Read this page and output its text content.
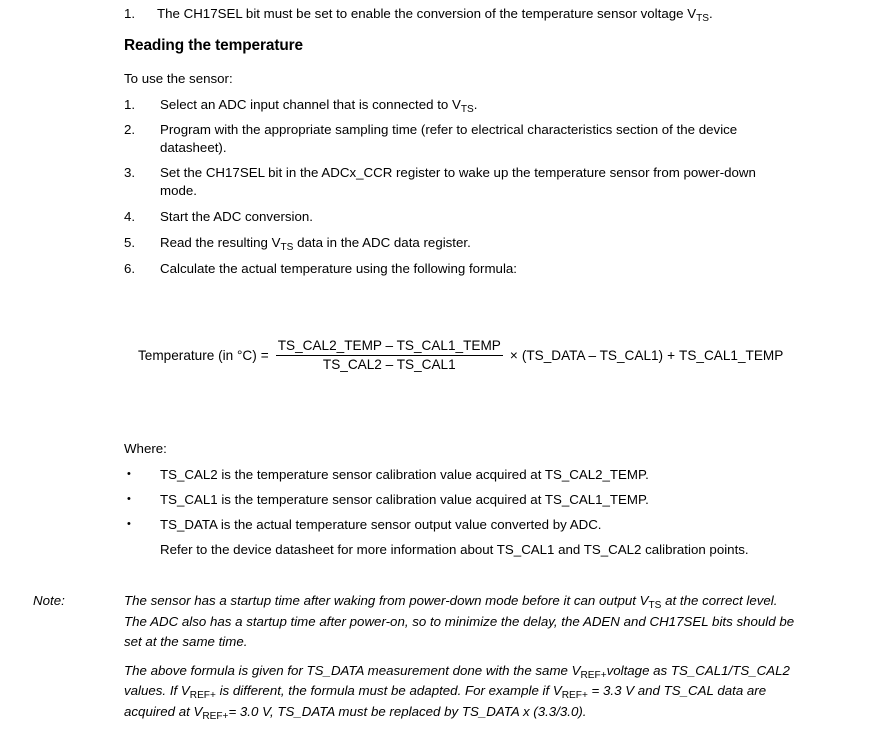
1.	The CH17SEL bit must be set to enable the conversion of the temperature sensor voltage $V_{TS}$.
Reading the temperature
To use the sensor:
1.	Select an ADC input channel that is connected to $V_{TS}$.
2.	Program with the appropriate sampling time (refer to electrical characteristics section of the device datasheet).
3.	Set the CH17SEL bit in the ADCx_CCR register to wake up the temperature sensor from power-down mode.
4.	Start the ADC conversion.
5.	Read the resulting $V_{TS}$ data in the ADC data register.
6.	Calculate the actual temperature using the following formula:
Temperature (in $^\circ C) = \frac{\text{TS\_CAL2\_TEMP – TS\_CAL1\_TEMP}}{\text{TS\_CAL2 – TS\_CAL1}}$ × (TS_DATA – TS_CAL1) + TS_CAL1_TEMP
Where:
•	TS_CAL2 is the temperature sensor calibration value acquired at TS_CAL2_TEMP.
•	TS_CAL1 is the temperature sensor calibration value acquired at TS_CAL1_TEMP.
•	TS_DATA is the actual temperature sensor output value converted by ADC.
Refer to the device datasheet for more information about TS_CAL1 and TS_CAL2 calibration points.
Note:	The sensor has a startup time after waking from power-down mode before it can output $V_{TS}$ at the correct level. The ADC also has a startup time after power-on, so to minimize the delay, the ADEN and CH17SEL bits should be set at the same time.

The above formula is given for TS_DATA measurement done with the same $V_{REF+}voltage$ as TS_CAL1/TS_CAL2 values. If $V_{REF+}$ is different, the formula must be adapted. For example if $V_{REF+} = 3.3$ V and TS_CAL data are acquired at $V_{REF+}= 3.0$ V, TS_DATA must be replaced by TS_DATA x (3.3/3.0).
